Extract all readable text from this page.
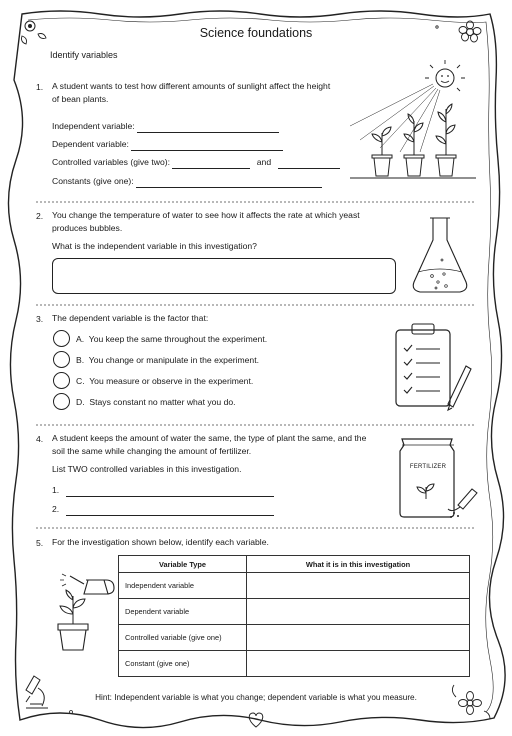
Science foundations
Identify variables
1. A student wants to test how different amounts of sunlight affect the height
of bean plants.
Independent variable:
Dependent variable:
Controlled variables (give two):	and
Constants (give one):
2. You change the temperature of water to see how it affects the rate at which yeast
produces bubbles.
What is the independent variable in this investigation?
3. The dependent variable is the factor that:
A. You keep the same throughout the experiment.
B. You change or manipulate in the experiment.
C. You measure or observe in the experiment.
D. Stays constant no matter what you do.
4. A student keeps the amount of water the same, the type of plant the same, and the
soil the same while changing the amount of fertilizer.
List TWO controlled variables in this investigation.
1.
2.
FERTILIZER
5. For the investigation shown below, identify each variable.
Variable Type	What it is in this investigation
Independent variable	
Dependent variable	
Controlled variable (give one)	
Constant (give one)	
Hint: Independent variable is what you change; dependent variable is what you measure.
